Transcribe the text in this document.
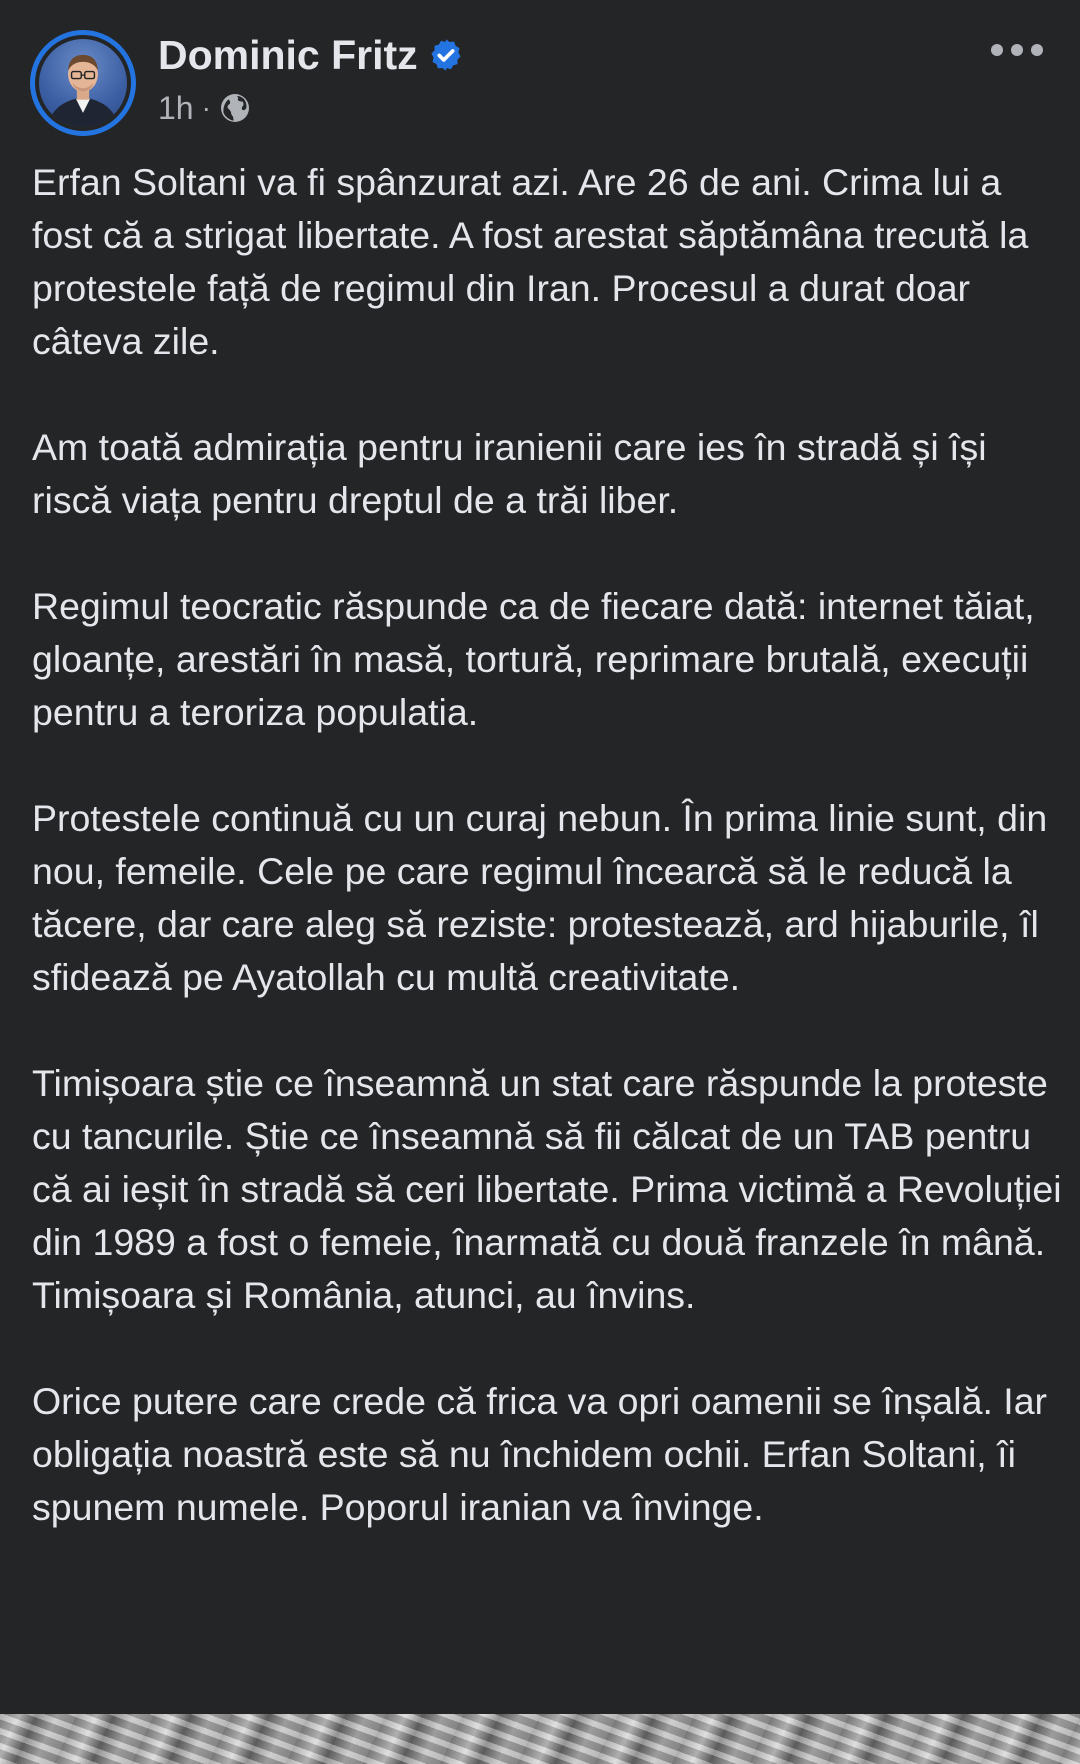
Dominic Fritz
1h ·

Erfan Soltani va fi spânzurat azi. Are 26 de ani. Crima lui a fost că a strigat libertate. A fost arestat săptămâna trecută la protestele față de regimul din Iran. Procesul a durat doar câteva zile.

Am toată admirația pentru iranienii care ies în stradă și își riscă viața pentru dreptul de a trăi liber.

Regimul teocratic răspunde ca de fiecare dată: internet tăiat, gloanțe, arestări în masă, tortură, reprimare brutală, execuții pentru a teroriza populatia.

Protestele continuă cu un curaj nebun. În prima linie sunt, din nou, femeile. Cele pe care regimul încearcă să le reducă la tăcere, dar care aleg să reziste: protestează, ard hijaburile, îl sfidează pe Ayatollah cu multă creativitate.

Timișoara știe ce înseamnă un stat care răspunde la proteste cu tancurile. Știe ce înseamnă să fii călcat de un TAB pentru că ai ieșit în stradă să ceri libertate. Prima victimă a Revoluției din 1989 a fost o femeie, înarmată cu două franzele în mână. Timișoara și România, atunci, au învins.

Orice putere care crede că frica va opri oamenii se înșală. Iar obligația noastră este să nu închidem ochii. Erfan Soltani, îi spunem numele. Poporul iranian va învinge.
